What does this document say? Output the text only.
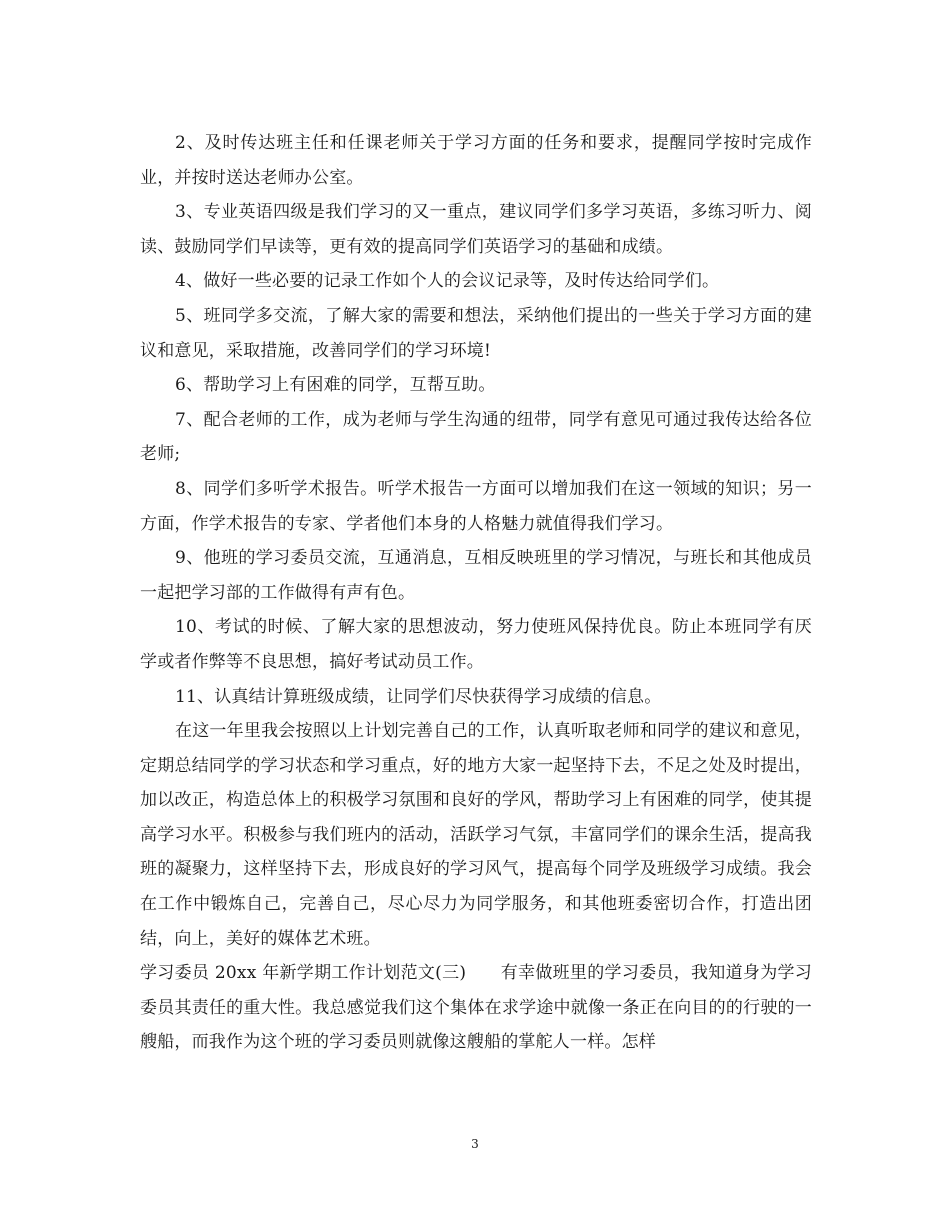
2、及时传达班主任和任课老师关于学习方面的任务和要求，提醒同学按时完成作业，并按时送达老师办公室。

3、专业英语四级是我们学习的又一重点，建议同学们多学习英语，多练习听力、阅读、鼓励同学们早读等，更有效的提高同学们英语学习的基础和成绩。

4、做好一些必要的记录工作如个人的会议记录等，及时传达给同学们。

5、班同学多交流，了解大家的需要和想法，采纳他们提出的一些关于学习方面的建议和意见，采取措施，改善同学们的学习环境!

6、帮助学习上有困难的同学，互帮互助。

7、配合老师的工作，成为老师与学生沟通的纽带，同学有意见可通过我传达给各位老师;

8、同学们多听学术报告。听学术报告一方面可以增加我们在这一领域的知识；另一方面，作学术报告的专家、学者他们本身的人格魅力就值得我们学习。

9、他班的学习委员交流，互通消息，互相反映班里的学习情况，与班长和其他成员一起把学习部的工作做得有声有色。

10、考试的时候、了解大家的思想波动，努力使班风保持优良。防止本班同学有厌学或者作弊等不良思想，搞好考试动员工作。

11、认真结计算班级成绩，让同学们尽快获得学习成绩的信息。

在这一年里我会按照以上计划完善自己的工作，认真听取老师和同学的建议和意见，定期总结同学的学习状态和学习重点，好的地方大家一起坚持下去，不足之处及时提出，加以改正，构造总体上的积极学习氛围和良好的学风，帮助学习上有困难的同学，使其提高学习水平。积极参与我们班内的活动，活跃学习气氛，丰富同学们的课余生活，提高我班的凝聚力，这样坚持下去，形成良好的学习风气，提高每个同学及班级学习成绩。我会在工作中锻炼自己，完善自己，尽心尽力为同学服务，和其他班委密切合作，打造出团结，向上，美好的媒体艺术班。

学习委员 20xx 年新学期工作计划范文(三)   有幸做班里的学习委员，我知道身为学习委员其责任的重大性。我总感觉我们这个集体在求学途中就像一条正在向目的的行驶的一艘船，而我作为这个班的学习委员则就像这艘船的掌舵人一样。怎样

3
